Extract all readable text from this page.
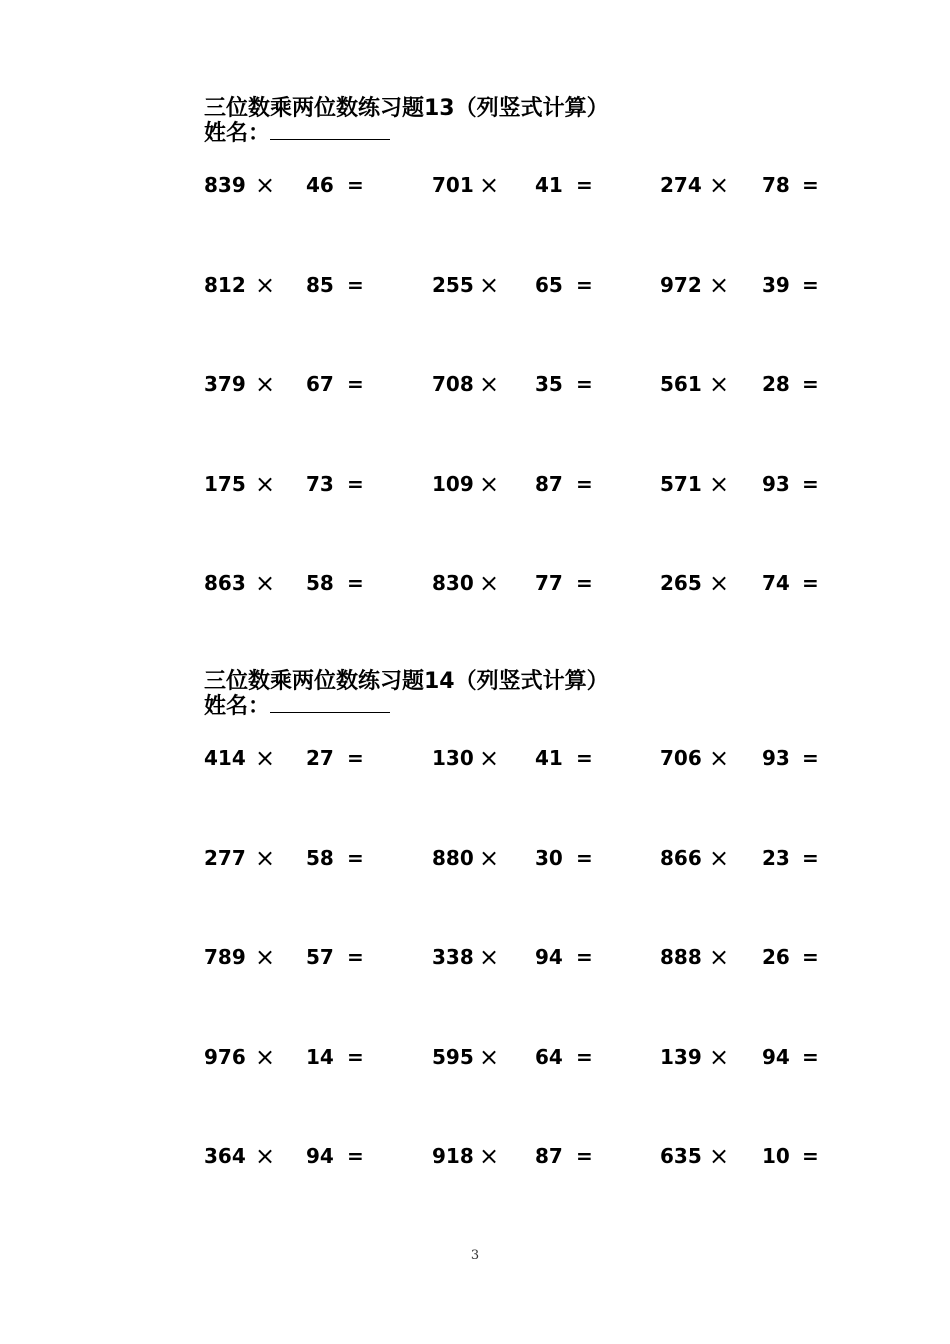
三位数乘两位数练习题13（列竖式计算）
姓名：
839 × 46 =	701 × 41 =	274 × 78 =
812 × 85 =	255 × 65 =	972 × 39 =
379 × 67 =	708 × 35 =	561 × 28 =
175 × 73 =	109 × 87 =	571 × 93 =
863 × 58 =	830 × 77 =	265 × 74 =
三位数乘两位数练习题14（列竖式计算）
姓名：
414 × 27 =	130 × 41 =	706 × 93 =
277 × 58 =	880 × 30 =	866 × 23 =
789 × 57 =	338 × 94 =	888 × 26 =
976 × 14 =	595 × 64 =	139 × 94 =
364 × 94 =	918 × 87 =	635 × 10 =
3
